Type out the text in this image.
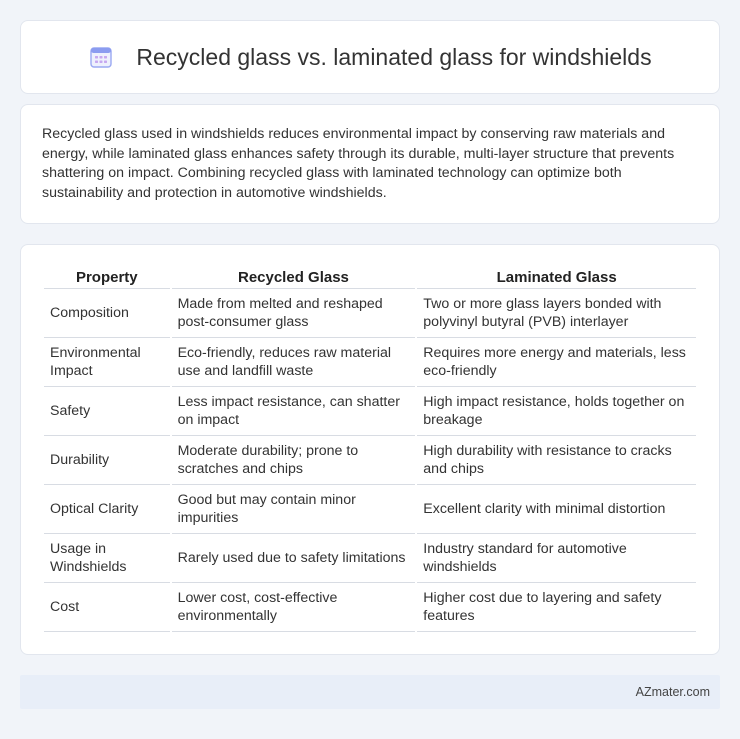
Recycled glass vs. laminated glass for windshields

Recycled glass used in windshields reduces environmental impact by conserving raw materials and energy, while laminated glass enhances safety through its durable, multi-layer structure that prevents shattering on impact. Combining recycled glass with laminated technology can optimize both sustainability and protection in automotive windshields.

Property	Recycled Glass	Laminated Glass
Composition	Made from melted and reshaped post-consumer glass	Two or more glass layers bonded with polyvinyl butyral (PVB) interlayer
Environmental Impact	Eco-friendly, reduces raw material use and landfill waste	Requires more energy and materials, less eco-friendly
Safety	Less impact resistance, can shatter on impact	High impact resistance, holds together on breakage
Durability	Moderate durability; prone to scratches and chips	High durability with resistance to cracks and chips
Optical Clarity	Good but may contain minor impurities	Excellent clarity with minimal distortion
Usage in Windshields	Rarely used due to safety limitations	Industry standard for automotive windshields
Cost	Lower cost, cost-effective environmentally	Higher cost due to layering and safety features
AZmater.com
